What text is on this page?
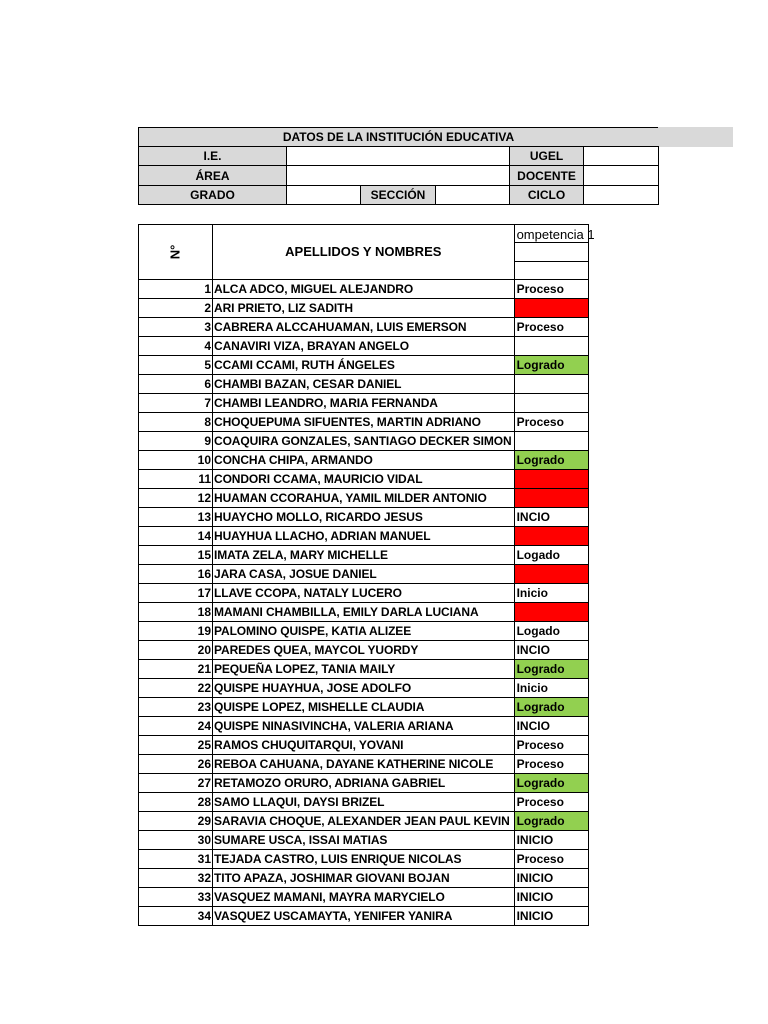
DATOS DE LA INSTITUCIÓN EDUCATIVA
I.E.	UGEL
ÁREA	DOCENTE
GRADO	SECCIÓN	CICLO
N°	APELLIDOS Y NOMBRES	ompetencia 1

1	ALCA ADCO, MIGUEL ALEJANDRO	Proceso
2	ARI PRIETO, LIZ SADITH	
3	CABRERA ALCCAHUAMAN, LUIS EMERSON	Proceso
4	CANAVIRI VIZA, BRAYAN ANGELO	
5	CCAMI CCAMI, RUTH ÁNGELES	Logrado
6	CHAMBI BAZAN, CESAR DANIEL	
7	CHAMBI LEANDRO, MARIA FERNANDA	
8	CHOQUEPUMA SIFUENTES, MARTIN ADRIANO	Proceso
9	COAQUIRA GONZALES, SANTIAGO DECKER SIMON	
10	CONCHA CHIPA, ARMANDO	Logrado
11	CONDORI CCAMA, MAURICIO VIDAL	
12	HUAMAN CCORAHUA, YAMIL MILDER ANTONIO	
13	HUAYCHO MOLLO, RICARDO JESUS	INCIO
14	HUAYHUA LLACHO, ADRIAN MANUEL	
15	IMATA ZELA, MARY MICHELLE	Logado
16	JARA CASA, JOSUE DANIEL	
17	LLAVE CCOPA, NATALY LUCERO	Inicio
18	MAMANI CHAMBILLA, EMILY DARLA LUCIANA	
19	PALOMINO QUISPE, KATIA ALIZEE	Logado
20	PAREDES QUEA, MAYCOL YUORDY	INCIO
21	PEQUEÑA LOPEZ, TANIA MAILY	Logrado
22	QUISPE HUAYHUA, JOSE ADOLFO	Inicio
23	QUISPE LOPEZ, MISHELLE CLAUDIA	Logrado
24	QUISPE NINASIVINCHA, VALERIA ARIANA	INCIO
25	RAMOS CHUQUITARQUI, YOVANI	Proceso
26	REBOA CAHUANA, DAYANE KATHERINE NICOLE	Proceso
27	RETAMOZO ORURO, ADRIANA GABRIEL	Logrado
28	SAMO LLAQUI, DAYSI BRIZEL	Proceso
29	SARAVIA CHOQUE, ALEXANDER JEAN PAUL KEVIN	Logrado
30	SUMARE USCA, ISSAI MATIAS	INICIO
31	TEJADA CASTRO, LUIS ENRIQUE NICOLAS	Proceso
32	TITO APAZA, JOSHIMAR GIOVANI BOJAN	INICIO
33	VASQUEZ MAMANI, MAYRA MARYCIELO	INICIO
34	VASQUEZ USCAMAYTA, YENIFER YANIRA	INICIO
